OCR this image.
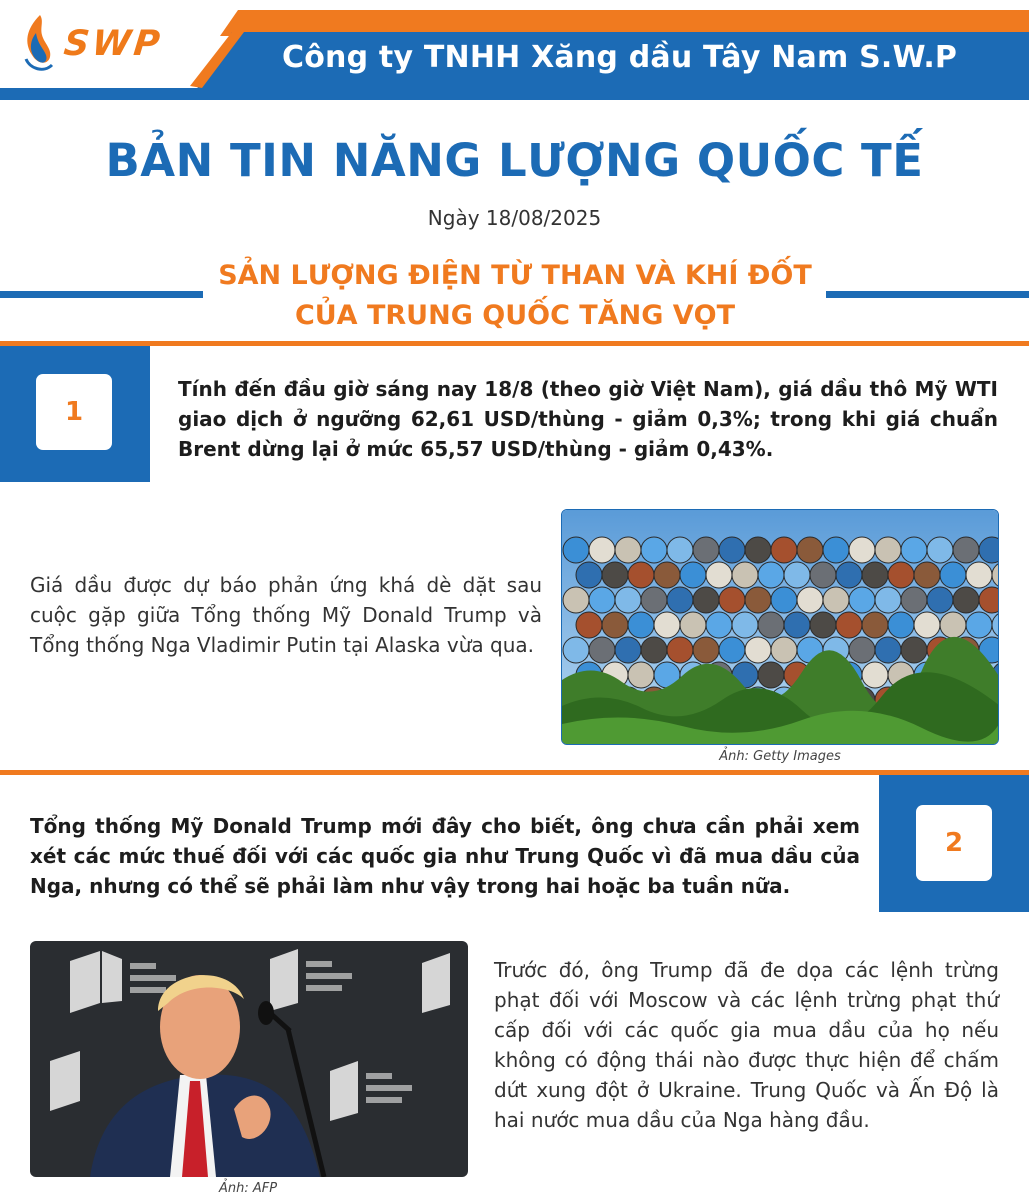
SWP	Công ty TNHH Xăng dầu Tây Nam S.W.P
BẢN TIN NĂNG LƯỢNG QUỐC TẾ
Ngày 18/08/2025
SẢN LƯỢNG ĐIỆN TỪ THAN VÀ KHÍ ĐỐT
CỦA TRUNG QUỐC TĂNG VỌT
1
Tính đến đầu giờ sáng nay 18/8 (theo giờ Việt Nam), giá dầu thô Mỹ WTI giao dịch ở ngưỡng 62,61 USD/thùng - giảm 0,3%; trong khi giá chuẩn Brent dừng lại ở mức 65,57 USD/thùng - giảm 0,43%.
Giá dầu được dự báo phản ứng khá dè dặt sau cuộc gặp giữa Tổng thống Mỹ Donald Trump và Tổng thống Nga Vladimir Putin tại Alaska vừa qua.
Ảnh: Getty Images
2
Tổng thống Mỹ Donald Trump mới đây cho biết, ông chưa cần phải xem xét các mức thuế đối với các quốc gia như Trung Quốc vì đã mua dầu của Nga, nhưng có thể sẽ phải làm như vậy trong hai hoặc ba tuần nữa.
Ảnh: AFP
Trước đó, ông Trump đã đe dọa các lệnh trừng phạt đối với Moscow và các lệnh trừng phạt thứ cấp đối với các quốc gia mua dầu của họ nếu không có động thái nào được thực hiện để chấm dứt xung đột ở Ukraine. Trung Quốc và Ấn Độ là hai nước mua dầu của Nga hàng đầu.
